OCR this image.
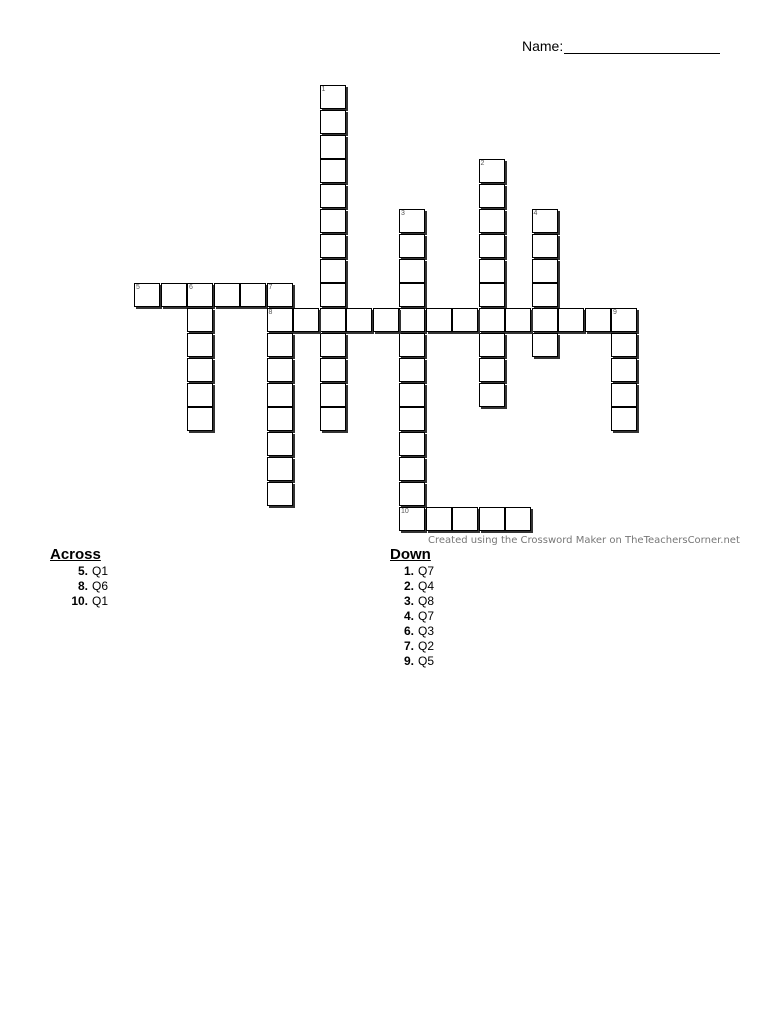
Name:
1
2
3
10
4
5	6	7
8	9
Created using the Crossword Maker on TheTeachersCorner.net
Across
5. Q1
8. Q6
10. Q1
Down
1. Q7
2. Q4
3. Q8
4. Q7
6. Q3
7. Q2
9. Q5
